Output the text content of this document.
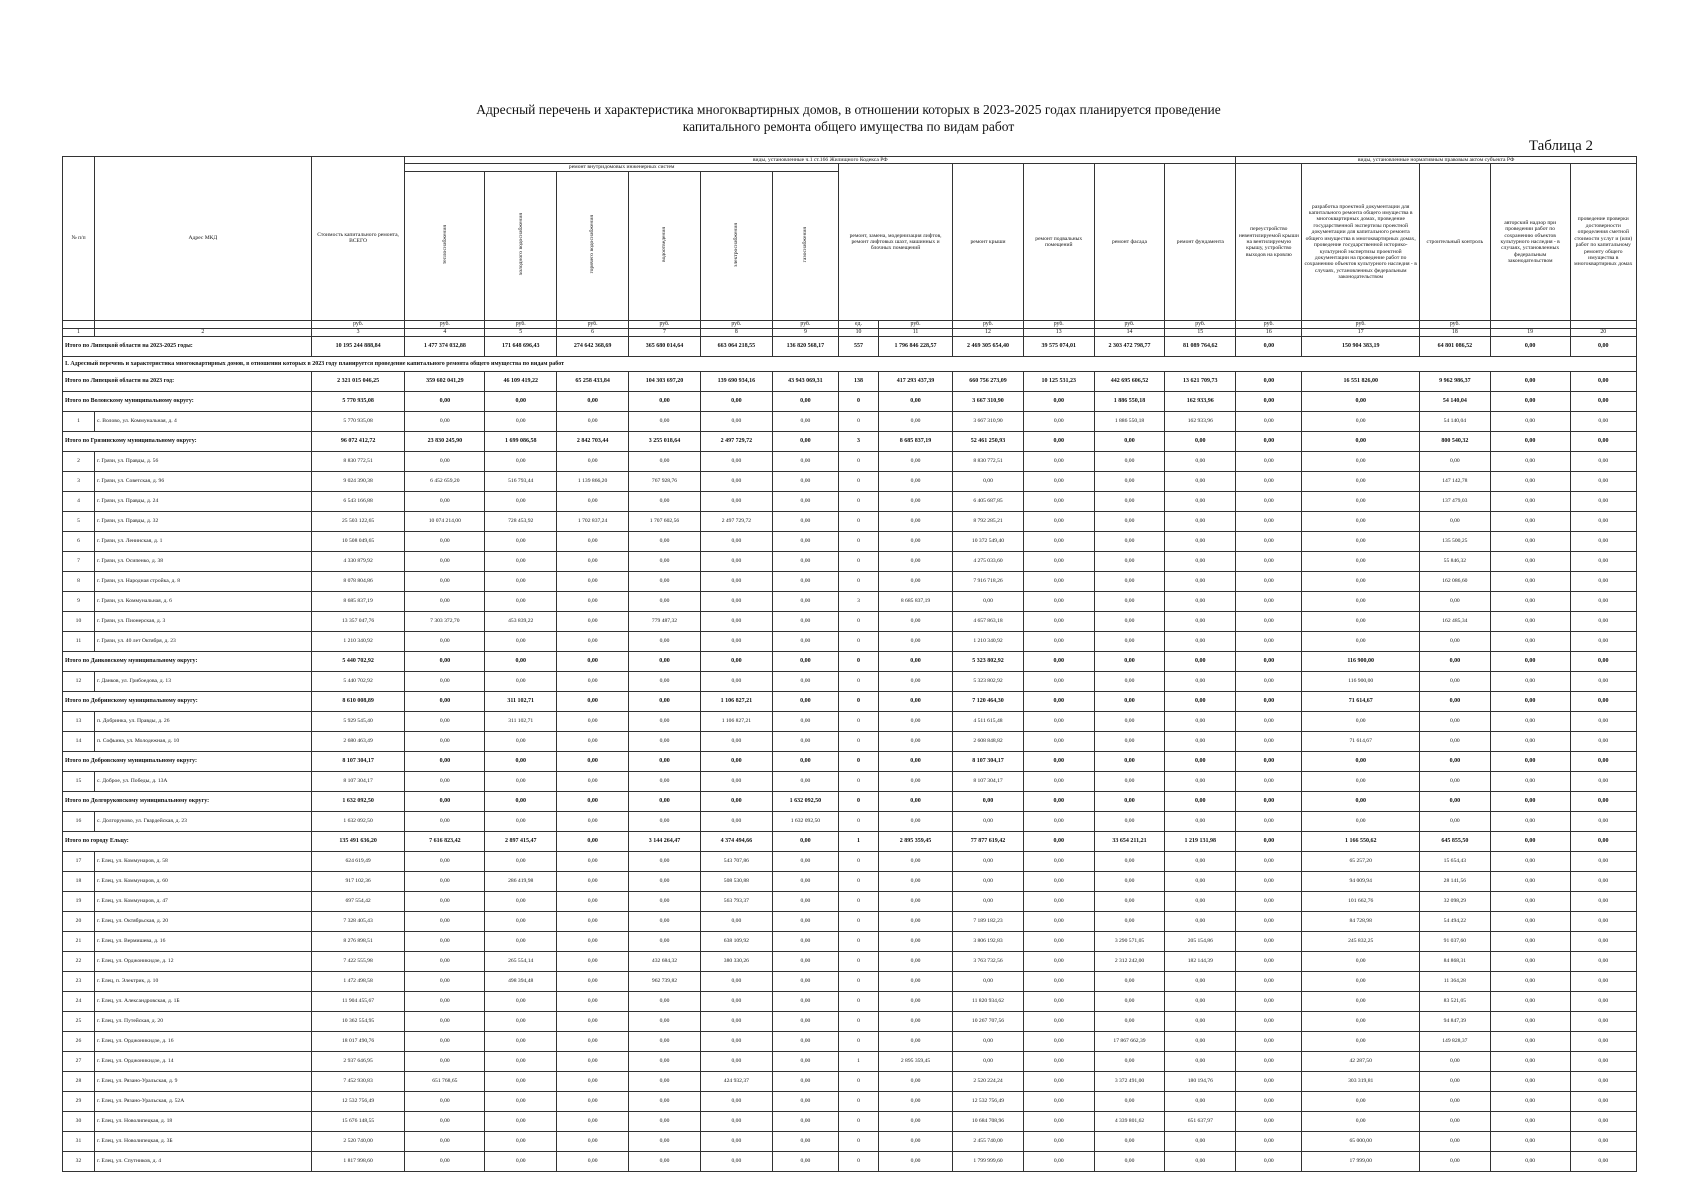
Адресный перечень и характеристика многоквартирных домов, в отношении которых в 2023-2025 годах планируется проведение
капитального ремонта общего имущества по видам работ
Таблица 2
№ п/п	Адрес МКД	Стоимость капитального ремонта, ВСЕГО	виды, установленные ч.1 ст.166 Жилищного Кодекса РФ												виды, установленные нормативным правовым актом субъекта РФ				
			ремонт внутридомовых инженерных систем						ремонт, замена, модернизация лифтов, ремонт лифтовых шахт, машинных и блочных помещений		ремонт крыши	ремонт подвальных помещений	ремонт фасада	ремонт фундамента	переустройство невентилируемой крыши на вентилируемую крышу, устройство выходов на кровлю	разработка проектной документации для капитального ремонта общего имущества в многоквартирных домах, проведение государственной экспертизы проектной документации для капитального ремонта общего имущества в многоквартирных домах, проведение государственной историко-культурной экспертизы проектной документации на проведение работ по сохранению объектов культурного наследия - в случаях, установленных федеральным законодательством	строительный контроль	авторский надзор при проведении работ по сохранению объектов культурного наследия - в случаях, установленных федеральным законодательством	проведение проверки достоверности определения сметной стоимости услуг и (или) работ по капитальному ремонту общего имущества в многоквартирных домах
			теплоснабжения	холодного водоснабжения	горячего водоснабжения	водоотведения	электроснабжения	газоснабжения											
		руб.	руб.	руб.	руб.	руб.	руб.	руб.	ед.	руб.	руб.	руб.	руб.	руб.	руб.	руб.	руб.		
1	2	3	4	5	6	7	8	9	10	11	12	13	14	15	16	17	18	19	20
Итого по Липецкой области на 2023-2025 годы:		10 195 244 888,84	1 477 374 032,88	171 648 696,43	274 642 368,69	365 680 014,64	663 064 218,55	136 820 568,17	557	1 796 846 228,57	2 469 305 654,40	39 575 074,01	2 303 472 798,77	81 089 764,62	0,00	150 904 383,19	64 801 086,52	0,00	0,00
I. Адресный перечень и характеристика многоквартирных домов, в отношении которых в 2023 году планируется проведение капитального ремонта общего имущества по видам работ																			
Итого по Липецкой области на 2023 год:		2 321 015 046,25	359 602 041,29	46 109 419,22	65 258 433,84	104 303 697,20	139 690 934,16	43 943 069,31	138	417 293 437,39	660 756 273,09	10 125 531,23	442 695 606,52	13 621 709,73	0,00	16 551 826,00	9 962 986,37	0,00	0,00
Итого по Воловскому муниципальному округу:		5 770 935,08	0,00	0,00	0,00	0,00	0,00	0,00	0	0,00	3 667 310,90	0,00	1 886 550,18	162 933,96	0,00	0,00	54 140,04	0,00	0,00
1	с. Волово, ул. Коммунальная, д. 4	5 770 935,08	0,00	0,00	0,00	0,00	0,00	0,00	0	0,00	3 667 310,90	0,00	1 886 550,18	162 933,96	0,00	0,00	54 140,04	0,00	0,00
Итого по Грязинскому муниципальному округу:		96 072 412,72	23 830 245,90	1 699 086,58	2 842 703,44	3 255 018,64	2 497 729,72	0,00	3	8 685 837,19	52 461 250,93	0,00	0,00	0,00	0,00	0,00	800 540,32	0,00	0,00
2	г. Грязи, ул. Правды, д. 56	8 830 772,51	0,00	0,00	0,00	0,00	0,00	0,00	0	0,00	8 830 772,51	0,00	0,00	0,00	0,00	0,00	0,00	0,00	0,00
3	г. Грязи, ул. Советская, д. 96	9 024 390,38	6 452 659,20	516 793,44	1 139 866,20	767 928,76	0,00	0,00	0	0,00	0,00	0,00	0,00	0,00	0,00	0,00	147 142,78	0,00	0,00
4	г. Грязи, ул. Правды, д. 24	6 543 166,88	0,00	0,00	0,00	0,00	0,00	0,00	0	0,00	6 405 687,85	0,00	0,00	0,00	0,00	0,00	137 479,03	0,00	0,00
5	г. Грязи, ул. Правды, д. 32	25 503 122,65	10 074 214,00	728 453,92	1 702 837,24	1 707 602,56	2 497 729,72	0,00	0	0,00	8 792 285,21	0,00	0,00	0,00	0,00	0,00	0,00	0,00	0,00
6	г. Грязи, ул. Ленинская, д. 1	10 508 049,65	0,00	0,00	0,00	0,00	0,00	0,00	0	0,00	10 372 549,40	0,00	0,00	0,00	0,00	0,00	135 500,25	0,00	0,00
7	г. Грязи, ул. Осипенко, д. 38	4 330 879,92	0,00	0,00	0,00	0,00	0,00	0,00	0	0,00	4 275 033,60	0,00	0,00	0,00	0,00	0,00	55 846,32	0,00	0,00
8	г. Грязи, ул. Народная стройка, д. 8	8 078 804,86	0,00	0,00	0,00	0,00	0,00	0,00	0	0,00	7 916 718,26	0,00	0,00	0,00	0,00	0,00	162 086,60	0,00	0,00
9	г. Грязи, ул. Коммунальная, д. 6	8 685 837,19	0,00	0,00	0,00	0,00	0,00	0,00	3	8 685 837,19	0,00	0,00	0,00	0,00	0,00	0,00	0,00	0,00	0,00
10	г. Грязи, ул. Пионерская, д. 3	13 357 047,76	7 303 372,70	453 839,22	0,00	779 487,32	0,00	0,00	0	0,00	4 657 863,18	0,00	0,00	0,00	0,00	0,00	162 485,34	0,00	0,00
11	г. Грязи, ул. 40 лет Октября, д. 23	1 210 340,92	0,00	0,00	0,00	0,00	0,00	0,00	0	0,00	1 210 340,92	0,00	0,00	0,00	0,00	0,00	0,00	0,00	0,00
Итого по Данковскому муниципальному округу:		5 440 702,92	0,00	0,00	0,00	0,00	0,00	0,00	0	0,00	5 323 802,92	0,00	0,00	0,00	0,00	116 900,00	0,00	0,00	0,00
12	г. Данков, ул. Грибоедова, д. 13	5 440 702,92	0,00	0,00	0,00	0,00	0,00	0,00	0	0,00	5 323 802,92	0,00	0,00	0,00	0,00	116 900,00	0,00	0,00	0,00
Итого по Добринскому муниципальному округу:		8 610 008,89	0,00	311 102,71	0,00	0,00	1 106 827,21	0,00	0	0,00	7 120 464,30	0,00	0,00	0,00	0,00	71 614,67	0,00	0,00	0,00
13	п. Добринка, ул. Правды, д. 26	5 929 545,40	0,00	311 102,71	0,00	0,00	1 106 827,21	0,00	0	0,00	4 511 615,48	0,00	0,00	0,00	0,00	0,00	0,00	0,00	0,00
14	п. Софьина, ул. Молодежная, д. 10	2 680 463,49	0,00	0,00	0,00	0,00	0,00	0,00	0	0,00	2 608 848,82	0,00	0,00	0,00	0,00	71 614,67	0,00	0,00	0,00
Итого по Добровскому муниципальному округу:		8 107 304,17	0,00	0,00	0,00	0,00	0,00	0,00	0	0,00	8 107 304,17	0,00	0,00	0,00	0,00	0,00	0,00	0,00	0,00
15	с. Доброе, ул. Победы, д. 13А	8 107 304,17	0,00	0,00	0,00	0,00	0,00	0,00	0	0,00	8 107 304,17	0,00	0,00	0,00	0,00	0,00	0,00	0,00	0,00
Итого по Долгоруковскому муниципальному округу:		1 632 092,50	0,00	0,00	0,00	0,00	0,00	1 632 092,50	0	0,00	0,00	0,00	0,00	0,00	0,00	0,00	0,00	0,00	0,00
16	с. Долгоруково, ул. Гвардейская, д. 23	1 632 092,50	0,00	0,00	0,00	0,00	0,00	1 632 092,50	0	0,00	0,00	0,00	0,00	0,00	0,00	0,00	0,00	0,00	0,00
Итого по городу Ельцу:		135 491 636,20	7 616 823,42	2 897 415,47	0,00	3 144 264,47	4 374 494,66	0,00	1	2 895 359,45	77 877 619,42	0,00	33 654 211,21	1 219 131,98	0,00	1 166 550,62	645 855,50	0,00	0,00
17	г. Елец, ул. Коммунаров, д. 58	624 619,49	0,00	0,00	0,00	0,00	543 707,86	0,00	0	0,00	0,00	0,00	0,00	0,00	0,00	65 257,20	15 654,43	0,00	0,00
18	г. Елец, ул. Коммунаров, д. 60	917 102,36	0,00	286 419,98	0,00	0,00	508 530,88	0,00	0	0,00	0,00	0,00	0,00	0,00	0,00	94 009,94	28 141,56	0,00	0,00
19	г. Елец, ул. Коммунаров, д. 47	697 554,42	0,00	0,00	0,00	0,00	563 793,37	0,00	0	0,00	0,00	0,00	0,00	0,00	0,00	101 662,76	32 098,29	0,00	0,00
20	г. Елец, ул. Октябрьская, д. 20	7 328 405,43	0,00	0,00	0,00	0,00	0,00	0,00	0	0,00	7 189 182,23	0,00	0,00	0,00	0,00	84 728,98	54 494,22	0,00	0,00
21	г. Елец, ул. Вермишева, д. 16	8 276 898,51	0,00	0,00	0,00	0,00	638 109,92	0,00	0	0,00	3 806 192,83	0,00	3 290 571,05	205 154,86	0,00	245 832,25	91 037,60	0,00	0,00
22	г. Елец, ул. Орджоникидзе, д. 12	7 422 555,98	0,00	265 554,14	0,00	432 684,32	380 330,26	0,00	0	0,00	3 763 732,56	0,00	2 312 242,00	182 144,39	0,00	0,00	84 868,31	0,00	0,00
23	г. Елец, п. Электрик, д. 10	1 472 498,58	0,00	498 394,48	0,00	962 739,82	0,00	0,00	0	0,00	0,00	0,00	0,00	0,00	0,00	0,00	11 364,28	0,00	0,00
24	г. Елец, ул. Александровская, д. 1Б	11 904 455,67	0,00	0,00	0,00	0,00	0,00	0,00	0	0,00	11 820 934,62	0,00	0,00	0,00	0,00	0,00	83 521,05	0,00	0,00
25	г. Елец, ул. Путейская, д. 20	10 362 554,95	0,00	0,00	0,00	0,00	0,00	0,00	0	0,00	10 267 707,56	0,00	0,00	0,00	0,00	0,00	94 847,39	0,00	0,00
26	г. Елец, ул. Орджоникидзе, д. 16	18 017 490,76	0,00	0,00	0,00	0,00	0,00	0,00	0	0,00	0,00	0,00	17 867 662,39	0,00	0,00	0,00	149 828,37	0,00	0,00
27	г. Елец, ул. Орджоникидзе, д. 14	2 937 646,95	0,00	0,00	0,00	0,00	0,00	0,00	1	2 895 359,45	0,00	0,00	0,00	0,00	0,00	42 287,50	0,00	0,00	0,00
28	г. Елец, ул. Рязано-Уральская, д. 9	7 452 930,83	651 768,65	0,00	0,00	0,00	424 932,37	0,00	0	0,00	2 520 224,24	0,00	3 372 491,00	180 194,76	0,00	303 319,81	0,00	0,00	0,00
29	г. Елец, ул. Рязано-Уральская, д. 52А	12 532 756,49	0,00	0,00	0,00	0,00	0,00	0,00	0	0,00	12 532 756,49	0,00	0,00	0,00	0,00	0,00	0,00	0,00	0,00
30	г. Елец, ул. Новолипецкая, д. 18	15 676 148,55	0,00	0,00	0,00	0,00	0,00	0,00	0	0,00	10 684 708,96	0,00	4 339 801,62	651 637,97	0,00	0,00	0,00	0,00	0,00
31	г. Елец, ул. Новолипецкая, д. 3Б	2 520 740,00	0,00	0,00	0,00	0,00	0,00	0,00	0	0,00	2 455 740,00	0,00	0,00	0,00	0,00	65 000,00	0,00	0,00	0,00
32	г. Елец, ул. Спутников, д. 4	1 817 998,60	0,00	0,00	0,00	0,00	0,00	0,00	0	0,00	1 799 999,60	0,00	0,00	0,00	0,00	17 999,00	0,00	0,00	0,00
